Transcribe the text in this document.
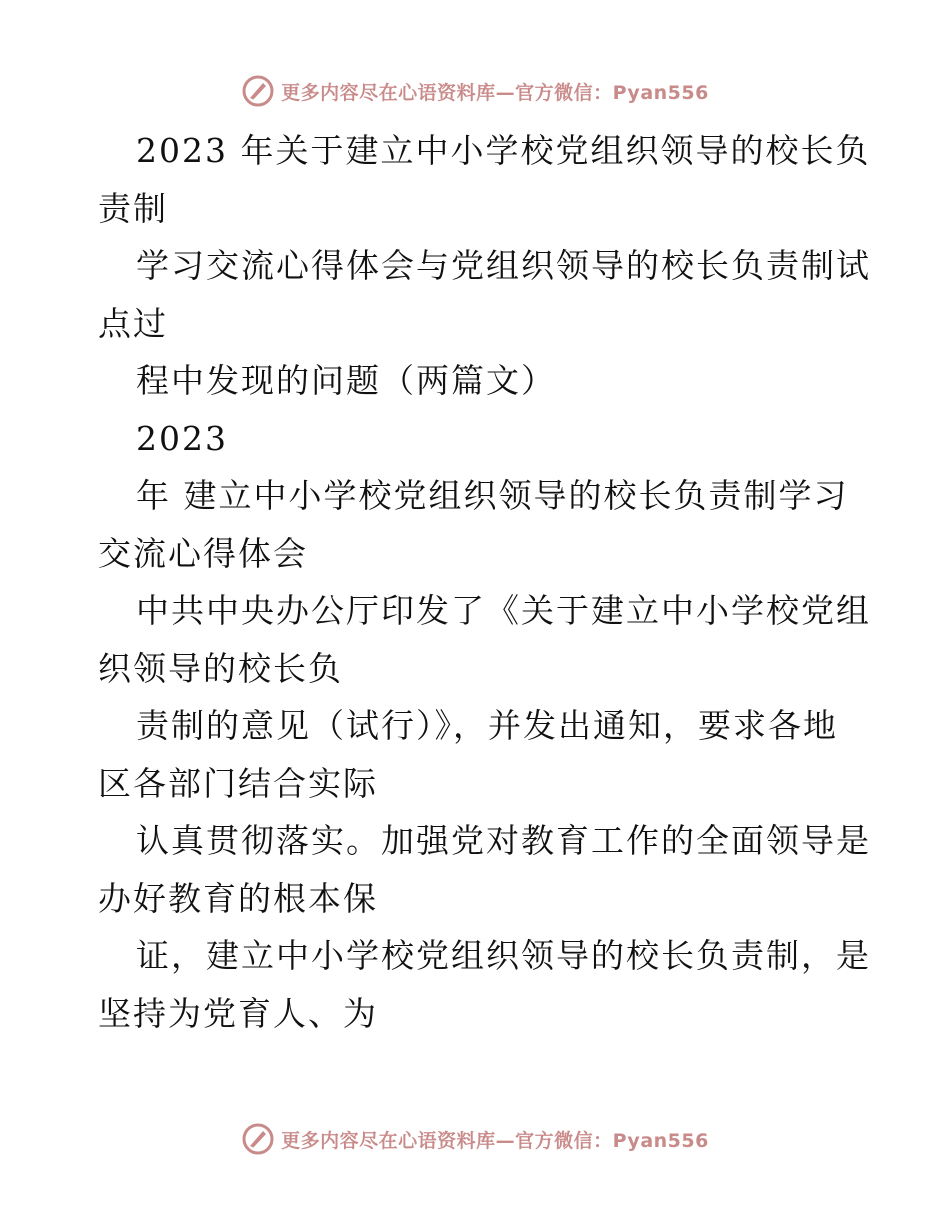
更多内容尽在心语资料库—官方微信：Pyan556
2023 年关于建立中小学校党组织领导的校长负
责制
学习交流心得体会与党组织领导的校长负责制试
点过
程中发现的问题（两篇文）
2023
年 建立中小学校党组织领导的校长负责制学习
交流心得体会
中共中央办公厅印发了《关于建立中小学校党组
织领导的校长负
责制的意见（试行）》，并发出通知，要求各地
区各部门结合实际
认真贯彻落实。加强党对教育工作的全面领导是
办好教育的根本保
证，建立中小学校党组织领导的校长负责制，是
坚持为党育人、为
更多内容尽在心语资料库—官方微信：Pyan556
